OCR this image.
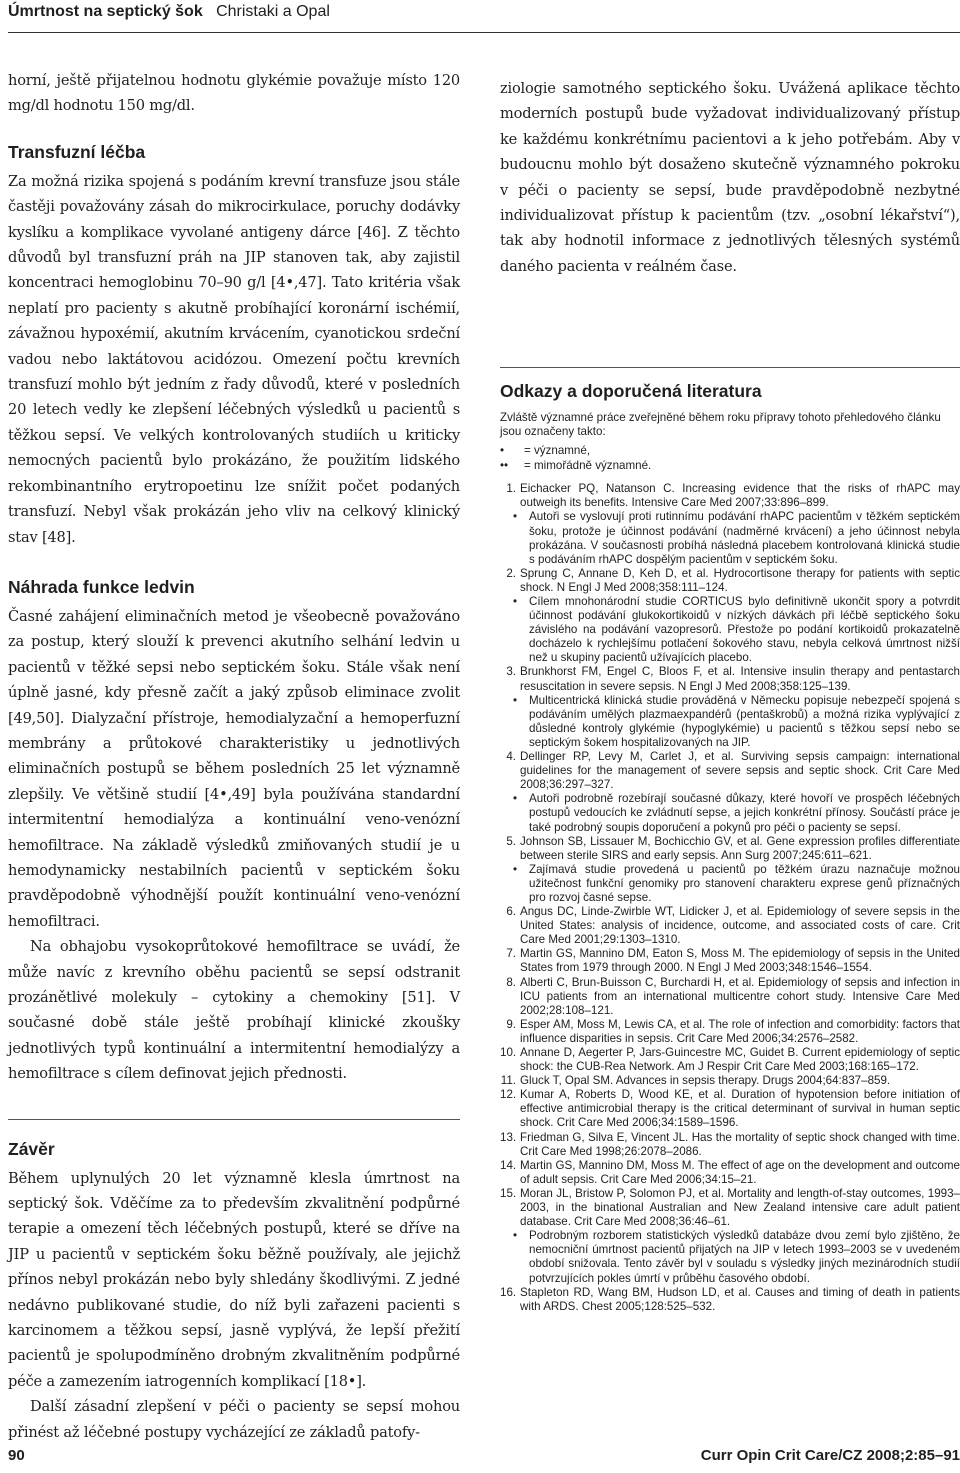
Úmrtnost na septický šok Christaki a Opal

horní, ještě přijatelnou hodnotu glykémie považuje místo 120 mg/dl hodnotu 150 mg/dl.

Transfuzní léčba

Za možná rizika spojená s podáním krevní transfuze jsou stále častěji považovány zásah do mikrocirkulace, poruchy dodávky kyslíku a komplikace vyvolané antigeny dárce [46]. Z těchto důvodů byl transfuzní práh na JIP stanoven tak, aby zajistil koncentraci hemoglobinu 70–90 g/l [4•,47]. Tato kritéria však neplatí pro pacienty s akutně probíhající koronární ischémií, závažnou hypoxémií, akutním krvácením, cyanotickou srdeční vadou nebo laktátovou acidózou. Omezení počtu krevních transfuzí mohlo být jedním z řady důvodů, které v posledních 20 letech vedly ke zlepšení léčebných výsledků u pacientů s těžkou sepsí. Ve velkých kontrolovaných studiích u kriticky nemocných pacientů bylo prokázáno, že použitím lidského rekombinantního erytropoetinu lze snížit počet podaných transfuzí. Nebyl však prokázán jeho vliv na celkový klinický stav [48].

Náhrada funkce ledvin

Časné zahájení eliminačních metod je všeobecně považováno za postup, který slouží k prevenci akutního selhání ledvin u pacientů v těžké sepsi nebo septickém šoku. Stále však není úplně jasné, kdy přesně začít a jaký způsob eliminace zvolit [49,50]. Dialyzační přístroje, hemodialyzační a hemoperfuzní membrány a průtokové charakteristiky u jednotlivých eliminačních postupů se během posledních 25 let významně zlepšily. Ve většině studií [4•,49] byla používána standardní intermitentní hemodialýza a kontinuální veno-venózní hemofiltrace. Na základě výsledků zmiňovaných studií je u hemodynamicky nestabilních pacientů v septickém šoku pravděpodobně výhodnější použít kontinuální veno-venózní hemofiltraci.

Na obhajobu vysokoprůtokové hemofiltrace se uvádí, že může navíc z krevního oběhu pacientů se sepsí odstranit prozánětlivé molekuly – cytokiny a chemokiny [51]. V současné době stále ještě probíhají klinické zkoušky jednotlivých typů kontinuální a intermitentní hemodialýzy a hemofiltrace s cílem definovat jejich přednosti.

Závěr

Během uplynulých 20 let významně klesla úmrtnost na septický šok. Vděčíme za to především zkvalitnění podpůrné terapie a omezení těch léčebných postupů, které se dříve na JIP u pacientů v septickém šoku běžně používaly, ale jejichž přínos nebyl prokázán nebo byly shledány škodlivými. Z jedné nedávno publikované studie, do níž byli zařazeni pacienti s karcinomem a těžkou sepsí, jasně vyplývá, že lepší přežití pacientů je spolupodmíněno drobným zkvalitněním podpůrné péče a zamezením iatrogenních komplikací [18•].

Další zásadní zlepšení v péči o pacienty se sepsí mohou přinést až léčebné postupy vycházející ze základů patofy-

ziologie samotného septického šoku. Uvážená aplikace těchto moderních postupů bude vyžadovat individualizovaný přístup ke každému konkrétnímu pacientovi a k jeho potřebám. Aby v budoucnu mohlo být dosaženo skutečně významného pokroku v péči o pacienty se sepsí, bude pravděpodobně nezbytné individualizovat přístup k pacientům (tzv. „osobní lékařství“), tak aby hodnotil informace z jednotlivých tělesných systémů daného pacienta v reálném čase.

Odkazy a doporučená literatura

Zvláště významné práce zveřejněné během roku přípravy tohoto přehledového článku jsou označeny takto:

• = významné,

•• = mimořádně významné.

1. Eichacker PQ, Natanson C. Increasing evidence that the risks of rhAPC may outweigh its benefits. Intensive Care Med 2007;33:896–899.
•	Autoři se vyslovují proti rutinnímu podávání rhAPC pacientům v těžkém septickém šoku, protože je účinnost podávání (nadměrné krvácení) a jeho účinnost nebyla prokázána. V současnosti probíhá následná placebem kontrolovaná klinická studie s podáváním rhAPC dospělým pacientům v septickém šoku.
2. Sprung C, Annane D, Keh D, et al. Hydrocortisone therapy for patients with septic shock. N Engl J Med 2008;358:111–124.
•	Cílem mnohonárodní studie CORTICUS bylo definitivně ukončit spory a potvrdit účinnost podávání glukokortikoidů v nízkých dávkách při léčbě septického šoku závislého na podávání vazopresorů. Přestože po podání kortikoidů prokazatelně docházelo k rychlejšímu potlačení šokového stavu, nebyla celková úmrtnost nižší než u skupiny pacientů užívajících placebo.
3. Brunkhorst FM, Engel C, Bloos F, et al. Intensive insulin therapy and pentastarch resuscitation in severe sepsis. N Engl J Med 2008;358:125–139.
•	Multicentrická klinická studie prováděná v Německu popisuje nebezpečí spojená s podáváním umělých plazmaexpandérů (pentaškrobů) a možná rizika vyplývající z důsledné kontroly glykémie (hypoglykémie) u pacientů s těžkou sepsí nebo se septickým šokem hospitalizovaných na JIP.
4. Dellinger RP, Levy M, Carlet J, et al. Surviving sepsis campaign: international guidelines for the management of severe sepsis and septic shock. Crit Care Med 2008;36:297–327.
•	Autoři podrobně rozebírají současné důkazy, které hovoří ve prospěch léčebných postupů vedoucích ke zvládnutí sepse, a jejich konkrétní přínosy. Součástí práce je také podrobný soupis doporučení a pokynů pro péči o pacienty se sepsí.
5. Johnson SB, Lissauer M, Bochicchio GV, et al. Gene expression profiles differentiate between sterile SIRS and early sepsis. Ann Surg 2007;245:611–621.
•	Zajímavá studie provedená u pacientů po těžkém úrazu naznačuje možnou užitečnost funkční genomiky pro stanovení charakteru exprese genů příznačných pro rozvoj časné sepse.
6. Angus DC, Linde-Zwirble WT, Lidicker J, et al. Epidemiology of severe sepsis in the United States: analysis of incidence, outcome, and associated costs of care. Crit Care Med 2001;29:1303–1310.
7. Martin GS, Mannino DM, Eaton S, Moss M. The epidemiology of sepsis in the United States from 1979 through 2000. N Engl J Med 2003;348:1546–1554.
8. Alberti C, Brun-Buisson C, Burchardi H, et al. Epidemiology of sepsis and infection in ICU patients from an international multicentre cohort study. Intensive Care Med 2002;28:108–121.
9. Esper AM, Moss M, Lewis CA, et al. The role of infection and comorbidity: factors that influence disparities in sepsis. Crit Care Med 2006;34:2576–2582.
10. Annane D, Aegerter P, Jars-Guincestre MC, Guidet B. Current epidemiology of septic shock: the CUB-Rea Network. Am J Respir Crit Care Med 2003;168:165–172.
11. Gluck T, Opal SM. Advances in sepsis therapy. Drugs 2004;64:837–859.
12. Kumar A, Roberts D, Wood KE, et al. Duration of hypotension before initiation of effective antimicrobial therapy is the critical determinant of survival in human septic shock. Crit Care Med 2006;34:1589–1596.
13. Friedman G, Silva E, Vincent JL. Has the mortality of septic shock changed with time. Crit Care Med 1998;26:2078–2086.
14. Martin GS, Mannino DM, Moss M. The effect of age on the development and outcome of adult sepsis. Crit Care Med 2006;34:15–21.
15. Moran JL, Bristow P, Solomon PJ, et al. Mortality and length-of-stay outcomes, 1993–2003, in the binational Australian and New Zealand intensive care adult patient database. Crit Care Med 2008;36:46–61.
•	Podrobným rozborem statistických výsledků databáze dvou zemí bylo zjištěno, že nemocniční úmrtnost pacientů přijatých na JIP v letech 1993–2003 se v uvedeném období snižovala. Tento závěr byl v souladu s výsledky jiných mezinárodních studií potvrzujících pokles úmrtí v průběhu časového období.
16. Stapleton RD, Wang BM, Hudson LD, et al. Causes and timing of death in patients with ARDS. Chest 2005;128:525–532.
90	Curr Opin Crit Care/CZ 2008;2:85–91
